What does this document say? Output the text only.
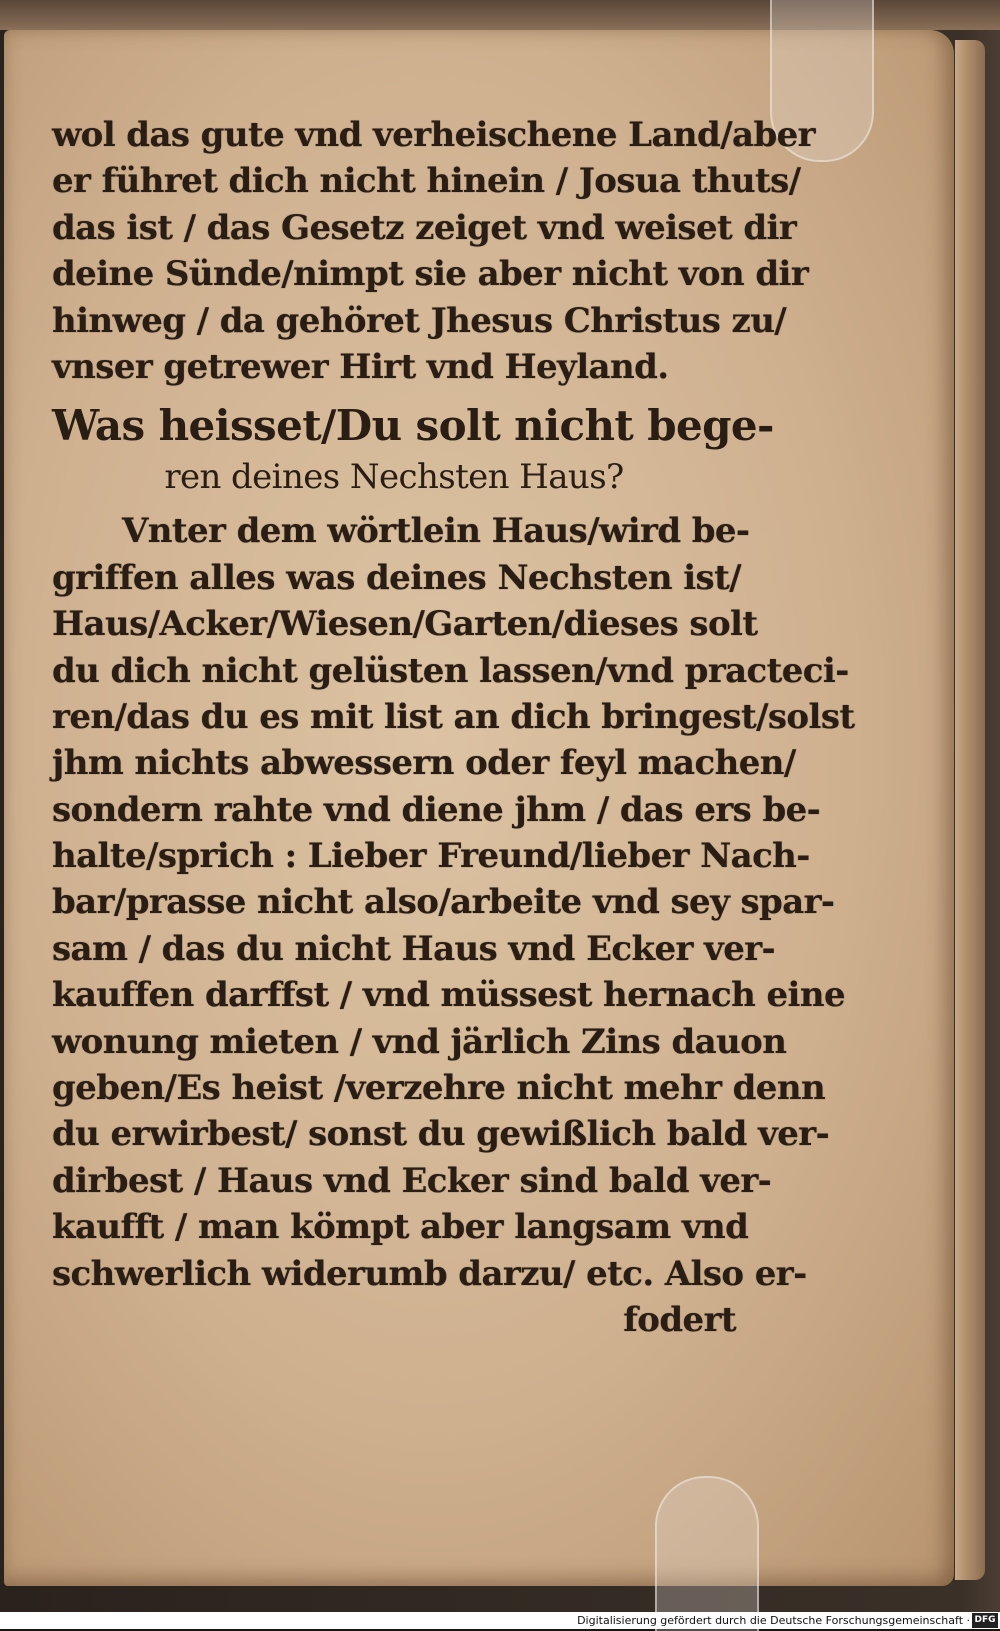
wol das gute vnd verheischene Land/aber
er führet dich nicht hinein / Josua thuts/
das ist / das Gesetz zeiget vnd weiset dir
deine Sünde/nimpt sie aber nicht von dir
hinweg / da gehöret Jhesus Christus zu/
vnser getrewer Hirt vnd Heyland.
Was heisset/Du solt nicht bege-
ren deines Nechsten Haus?
Vnter dem wörtlein Haus/wird be-
griffen alles was deines Nechsten ist/
Haus/Acker/Wiesen/Garten/dieses solt
du dich nicht gelüsten lassen/vnd practeci-
ren/das du es mit list an dich bringest/solst
jhm nichts abwessern oder feyl machen/
sondern rahte vnd diene jhm / das ers be-
halte/sprich : Lieber Freund/lieber Nach-
bar/prasse nicht also/arbeite vnd sey spar-
sam / das du nicht Haus vnd Ecker ver-
kauffen darffst / vnd müssest hernach eine
wonung mieten / vnd järlich Zins dauon
geben/Es heist /verzehre nicht mehr denn
du erwirbest/ sonst du gewißlich bald ver-
dirbest / Haus vnd Ecker sind bald ver-
kaufft / man kömpt aber langsam vnd
schwerlich widerumb darzu/ etc. Also er-
fodert
Digitalisierung gefördert durch die Deutsche Forschungsgemeinschaft · DFG
